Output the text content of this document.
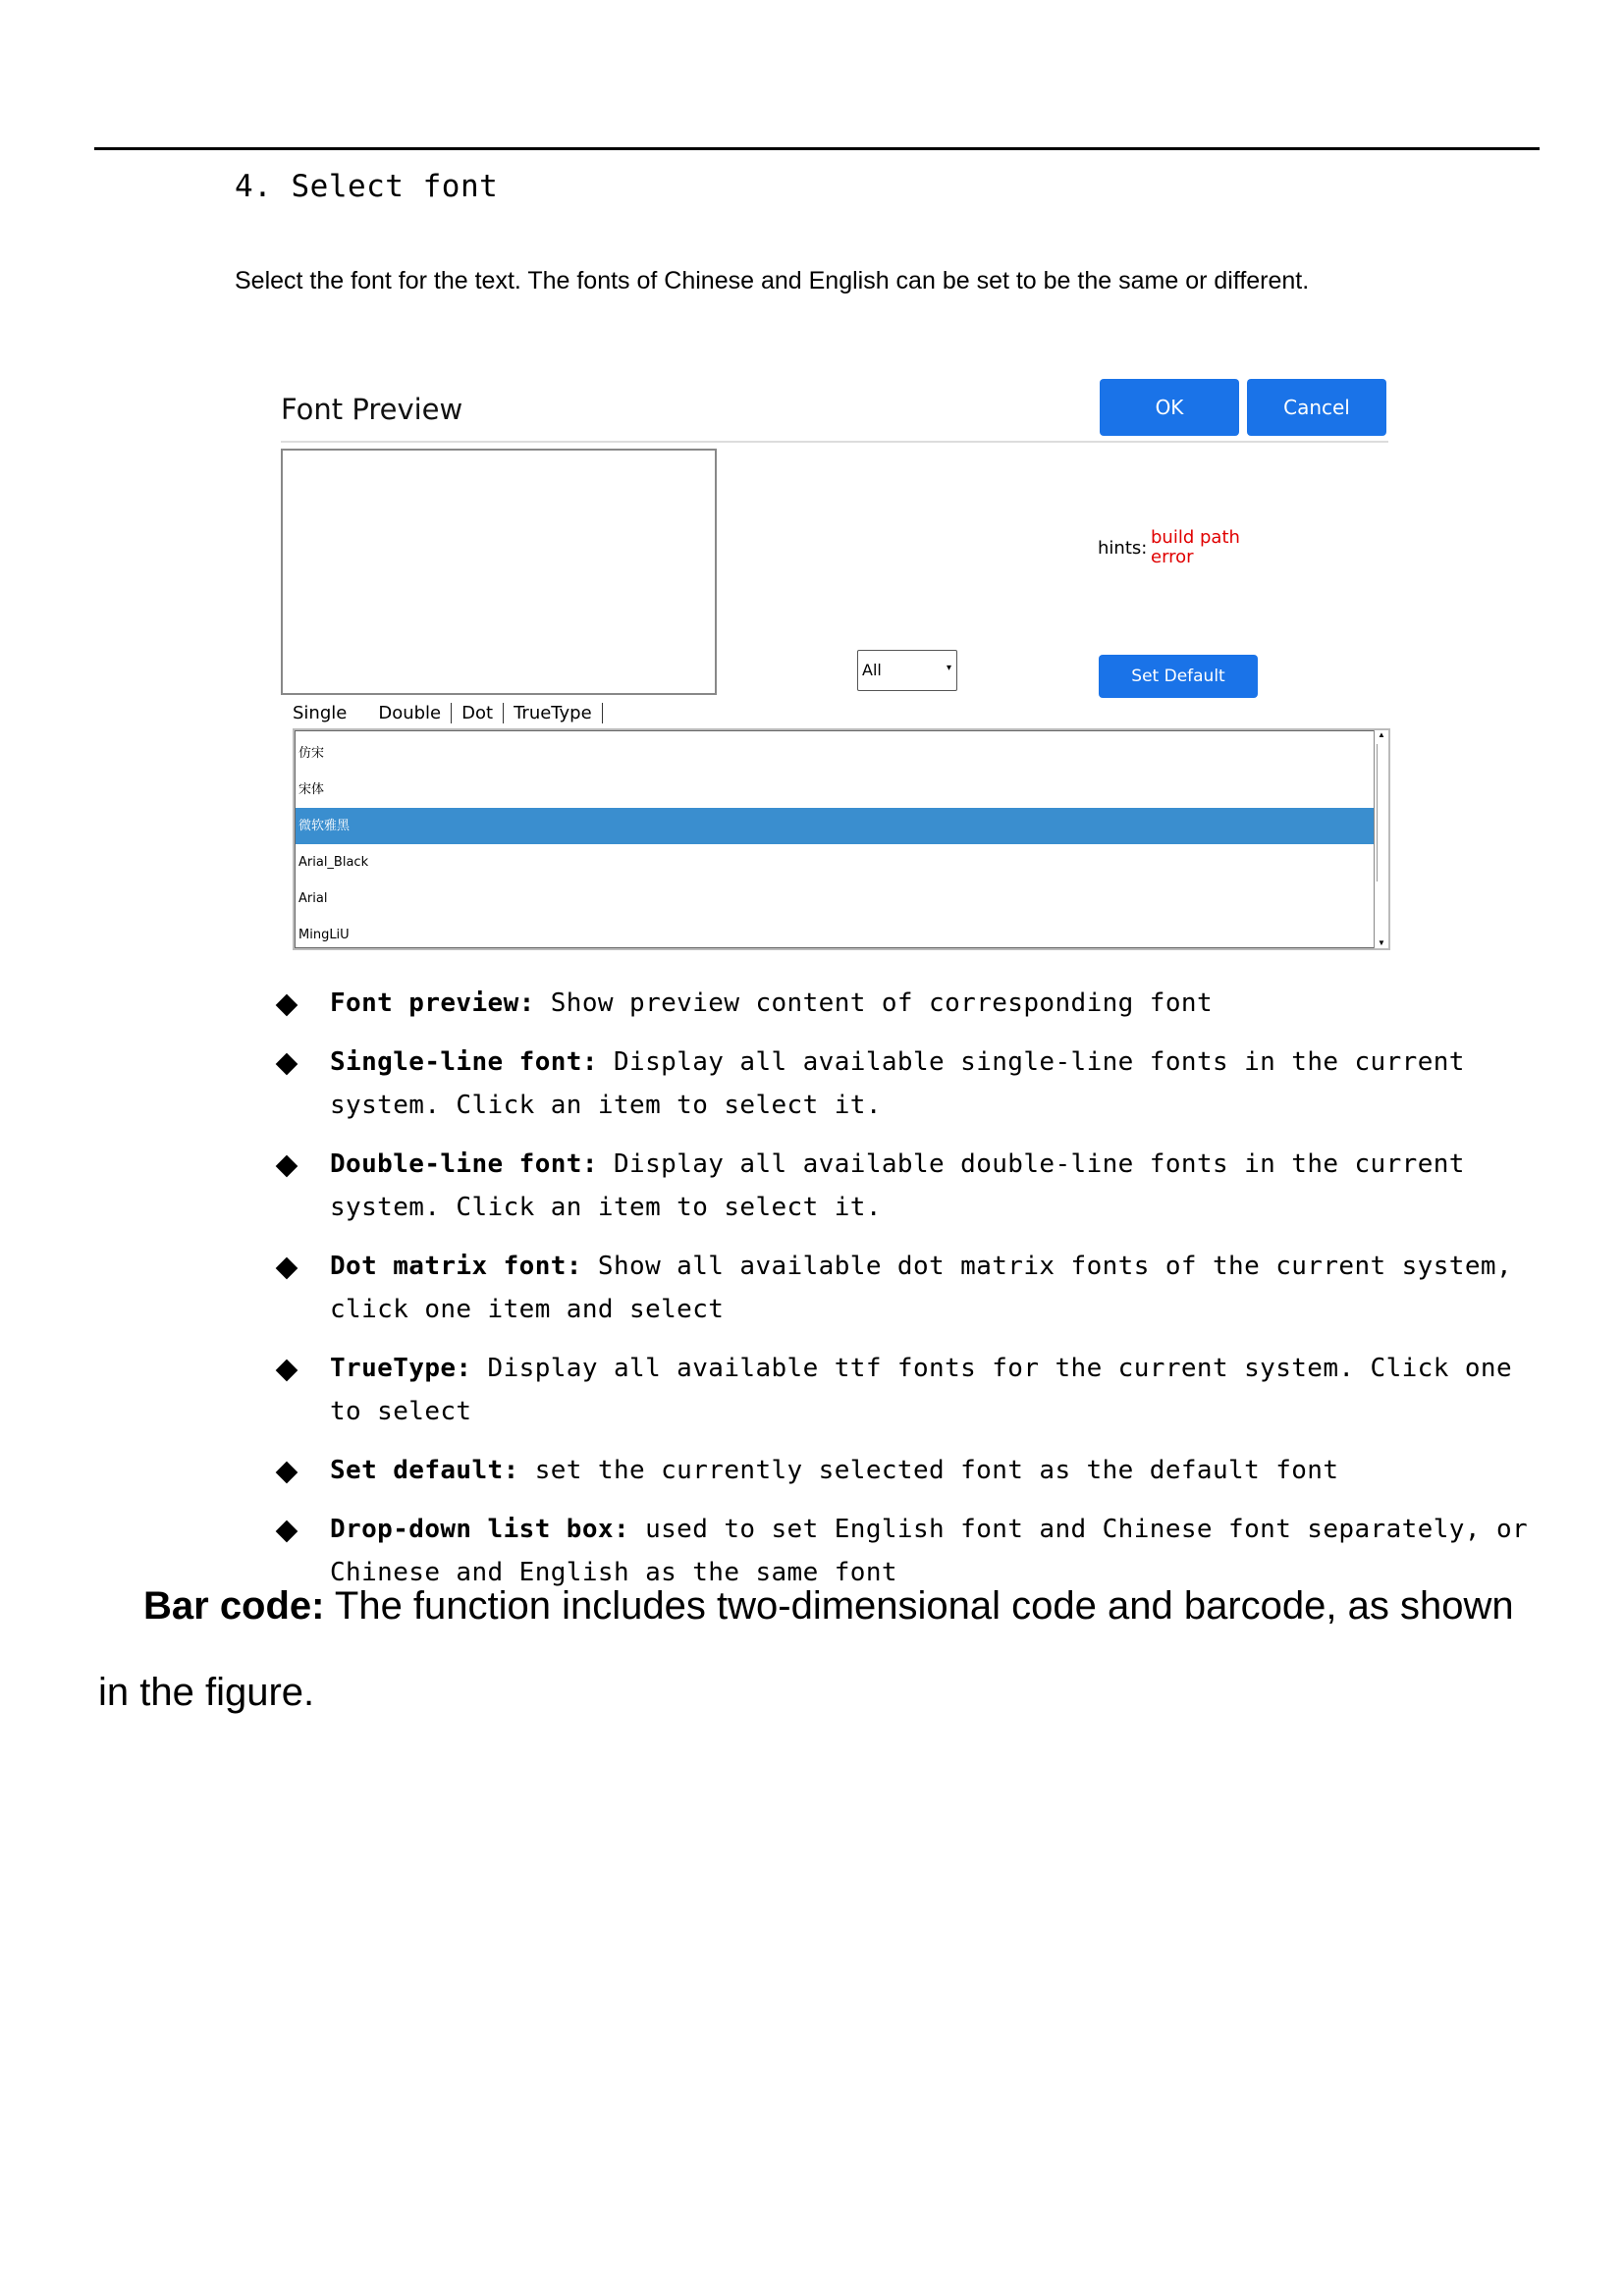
4. Select font
Select the font for the text. The fonts of Chinese and English can be set to be the same or different.
Font Preview	OK	Cancel
hints:
build path
error
All	▾	Set Default
Single	Double	Dot	TrueType
仿宋
宋体
微软雅黑
Arial_Black
Arial
MingLiU
▲
▼
Font preview: Show preview content of corresponding font
Single-line font: Display all available single-line fonts in the current system. Click an item to select it.
Double-line font: Display all available double-line fonts in the current system. Click an item to select it.
Dot matrix font: Show all available dot matrix fonts of the current system, click one item and select
TrueType: Display all available ttf fonts for the current system. Click one to select
Set default: set the currently selected font as the default font
Drop-down list box: used to set English font and Chinese font separately, or Chinese and English as the same font
Bar code: The function includes two-dimensional code and barcode, as shown in the figure.
